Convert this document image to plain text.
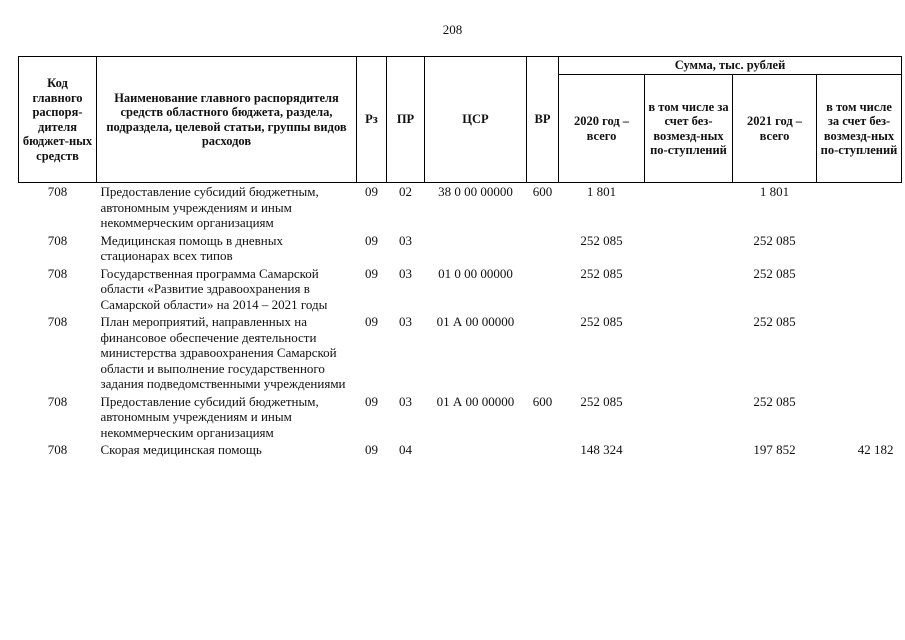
208
Код главного распоря-дителя бюджет-ных средств	Наименование главного распорядителя средств областного бюджета, раздела, подраздела, целевой статьи, группы видов расходов	Рз	ПР	ЦСР	ВР	Сумма, тыс. рублей			
						2020 год – всего	в том числе за счет без-возмезд-ных по-ступлений	2021 год – всего	в том числе за счет без-возмезд-ных по-ступлений
708	Предоставление субсидий бюджетным, автономным учреждениям и иным некоммерческим организациям	09	02	38 0 00 00000	600	1 801		1 801	
708	Медицинская помощь в дневных стационарах всех типов	09	03			252 085		252 085	
708	Государственная программа Самарской области «Развитие здравоохранения в Самарской области» на 2014 – 2021 годы	09	03	01 0 00 00000		252 085		252 085	
708	План мероприятий, направленных на финансовое обеспечение деятельности министерства здравоохранения Самарской области и выполнение государственного задания подведомственными учреждениями	09	03	01 А 00 00000		252 085		252 085	
708	Предоставление субсидий бюджетным, автономным учреждениям и иным некоммерческим организациям	09	03	01 А 00 00000	600	252 085		252 085	
708	Скорая медицинская помощь	09	04			148 324		197 852	42 182
